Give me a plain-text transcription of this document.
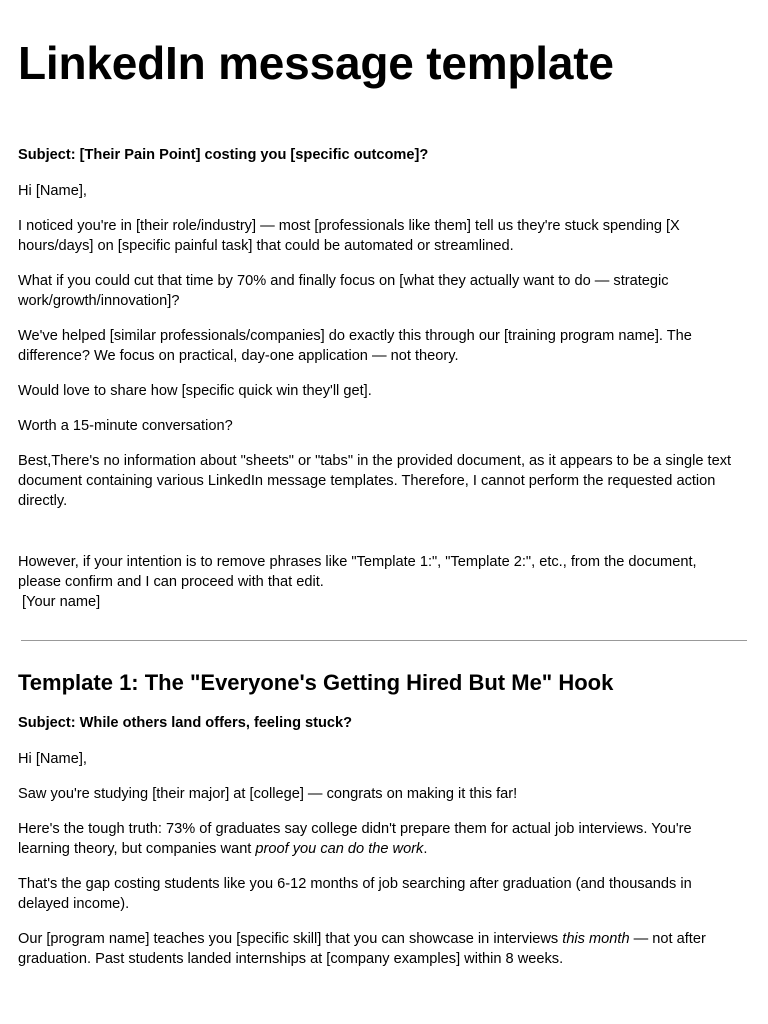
LinkedIn message template

Subject: [Their Pain Point] costing you [specific outcome]?

Hi [Name],

I noticed you're in [their role/industry] — most [professionals like them] tell us they're stuck spending [X hours/days] on [specific painful task] that could be automated or streamlined.

What if you could cut that time by 70% and finally focus on [what they actually want to do — strategic work/growth/innovation]?

We've helped [similar professionals/companies] do exactly this through our [training program name]. The difference? We focus on practical, day-one application — not theory.

Would love to share how [specific quick win they'll get].

Worth a 15-minute conversation?

Best,There's no information about "sheets" or "tabs" in the provided document, as it appears to be a single text document containing various LinkedIn message templates. Therefore, I cannot perform the requested action directly.

However, if your intention is to remove phrases like "Template 1:", "Template 2:", etc., from the document, please confirm and I can proceed with that edit.

[Your name]

Template 1: The "Everyone's Getting Hired But Me" Hook

Subject: While others land offers, feeling stuck?

Hi [Name],

Saw you're studying [their major] at [college] — congrats on making it this far!

Here's the tough truth: 73% of graduates say college didn't prepare them for actual job interviews. You're learning theory, but companies want proof you can do the work.

That's the gap costing students like you 6-12 months of job searching after graduation (and thousands in delayed income).

Our [program name] teaches you [specific skill] that you can showcase in interviews this month — not after graduation. Past students landed internships at [company examples] within 8 weeks.
